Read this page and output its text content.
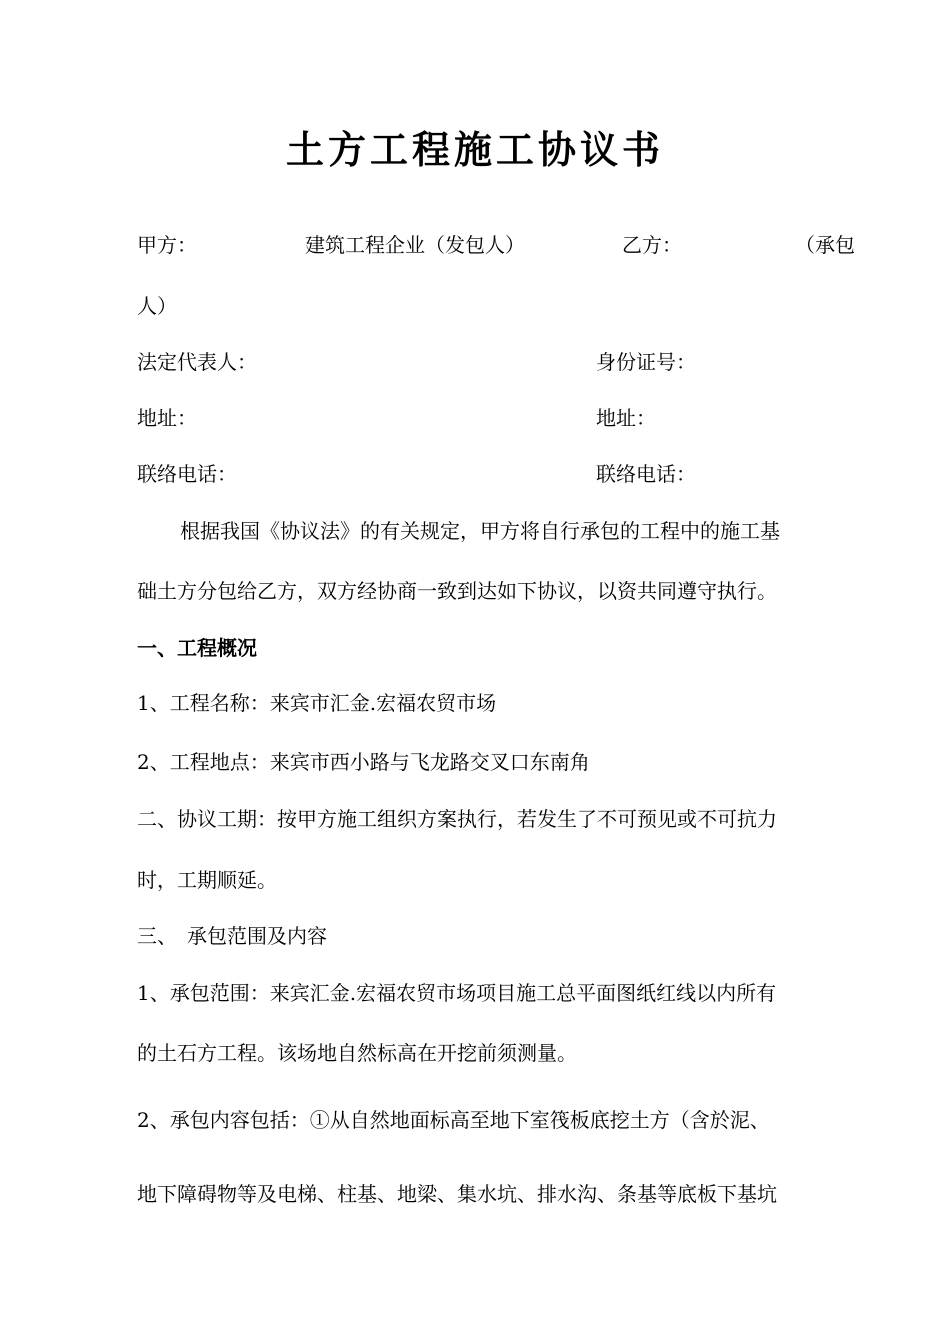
土方工程施工协议书
甲方：	建筑工程企业（发包人）	乙方：	（承包
人）
法定代表人：	身份证号：
地址：	地址：
联络电话：	联络电话：
根据我国《协议法》的有关规定，甲方将自行承包的工程中的施工基
础土方分包给乙方，双方经协商一致到达如下协议，以资共同遵守执行。
一、工程概况
1、工程名称：来宾市汇金.宏福农贸市场
2、工程地点：来宾市西小路与飞龙路交叉口东南角
二、协议工期：按甲方施工组织方案执行，若发生了不可预见或不可抗力
时，工期顺延。
三、　承包范围及内容
1、承包范围：来宾汇金.宏福农贸市场项目施工总平面图纸红线以内所有
的土石方工程。该场地自然标高在开挖前须测量。
2、承包内容包括：①从自然地面标高至地下室筏板底挖土方（含於泥、
地下障碍物等及电梯、柱基、地梁、集水坑、排水沟、条基等底板下基坑
